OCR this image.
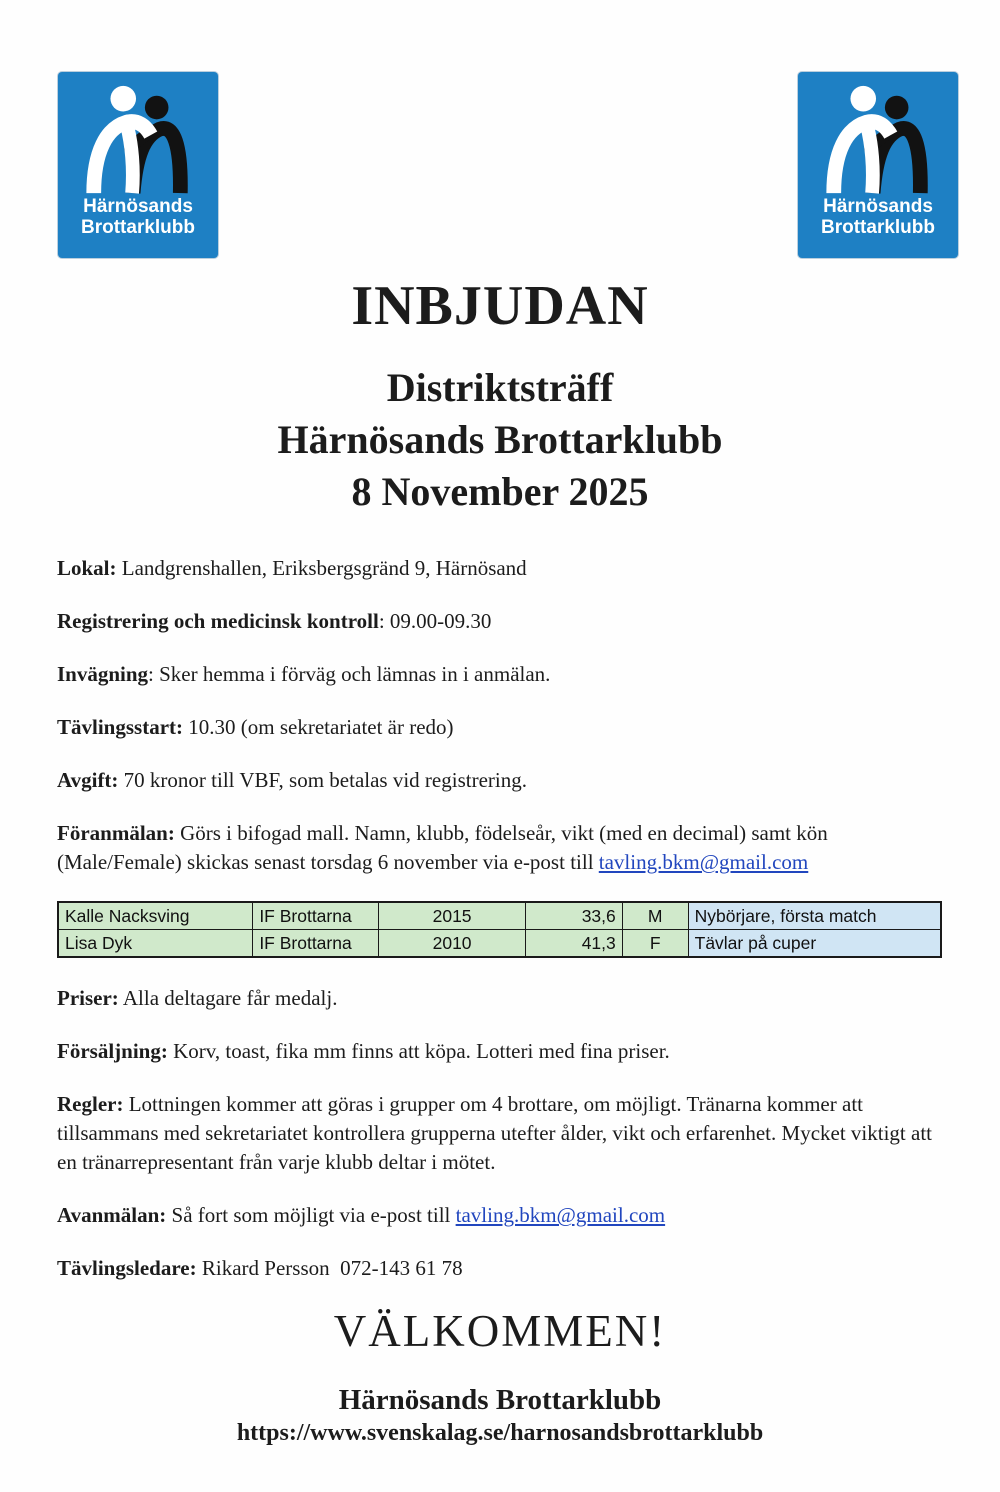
Härnösands
Brottarklubb
Härnösands
Brottarklubb
INBJUDAN
Distriktsträff
Härnösands Brottarklubb
8 November 2025

Lokal: Landgrenshallen, Eriksbergsgränd 9, Härnösand

Registrering och medicinsk kontroll: 09.00-09.30

Invägning: Sker hemma i förväg och lämnas in i anmälan.

Tävlingsstart: 10.30 (om sekretariatet är redo)

Avgift: 70 kronor till VBF, som betalas vid registrering.

Föranmälan: Görs i bifogad mall. Namn, klubb, födelseår, vikt (med en decimal) samt kön (Male/Female) skickas senast torsdag 6 november via e-post till tavling.bkm@gmail.com

Kalle Nacksving	IF Brottarna	2015	33,6	M	Nybörjare, första match
Lisa Dyk	IF Brottarna	2010	41,3	F	Tävlar på cuper

Priser: Alla deltagare får medalj.

Försäljning: Korv, toast, fika mm finns att köpa. Lotteri med fina priser.

Regler: Lottningen kommer att göras i grupper om 4 brottare, om möjligt. Tränarna kommer att tillsammans med sekretariatet kontrollera grupperna utefter ålder, vikt och erfarenhet. Mycket viktigt att en tränarrepresentant från varje klubb deltar i mötet.

Avanmälan: Så fort som möjligt via e-post till tavling.bkm@gmail.com

Tävlingsledare: Rikard Persson  072-143 61 78

VÄLKOMMEN!
Härnösands Brottarklubb
https://www.svenskalag.se/harnosandsbrottarklubb
